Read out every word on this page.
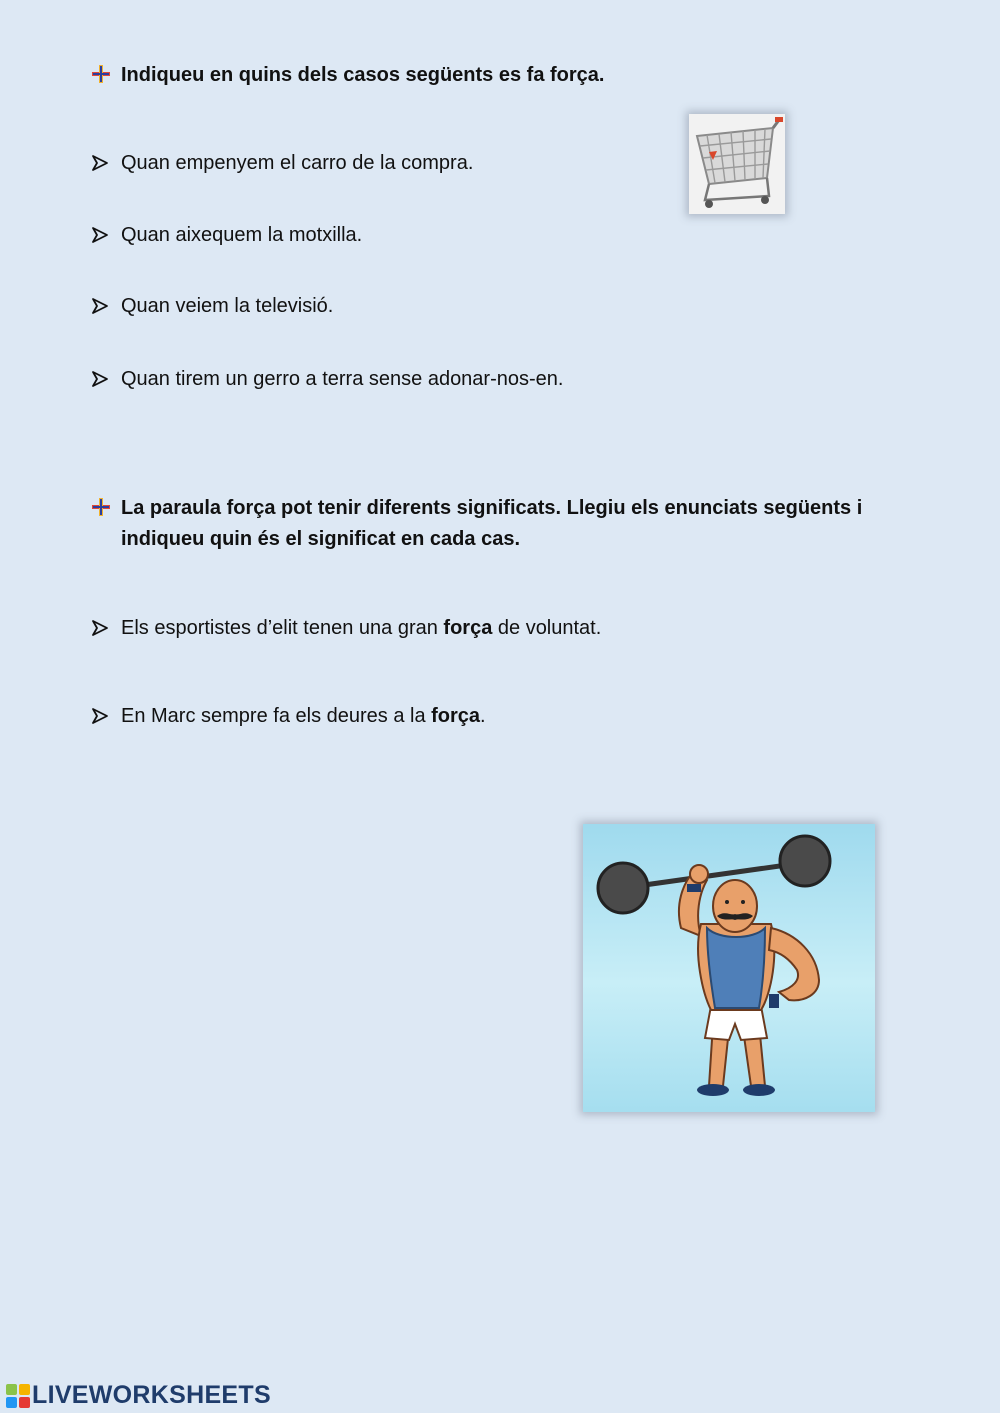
Indiqueu en quins dels casos següents es fa força.
Quan empenyem el carro de la compra.
Quan aixequem la motxilla.
Quan veiem la televisió.
Quan tirem un gerro a terra sense adonar-nos-en.
La paraula força pot tenir diferents significats. Llegiu els enunciats següents i
indiqueu quin és el significat en cada cas.
Els esportistes d’elit tenen una gran força de voluntat.
En Marc sempre fa els deures a la força.
LIVEWORKSHEETS
